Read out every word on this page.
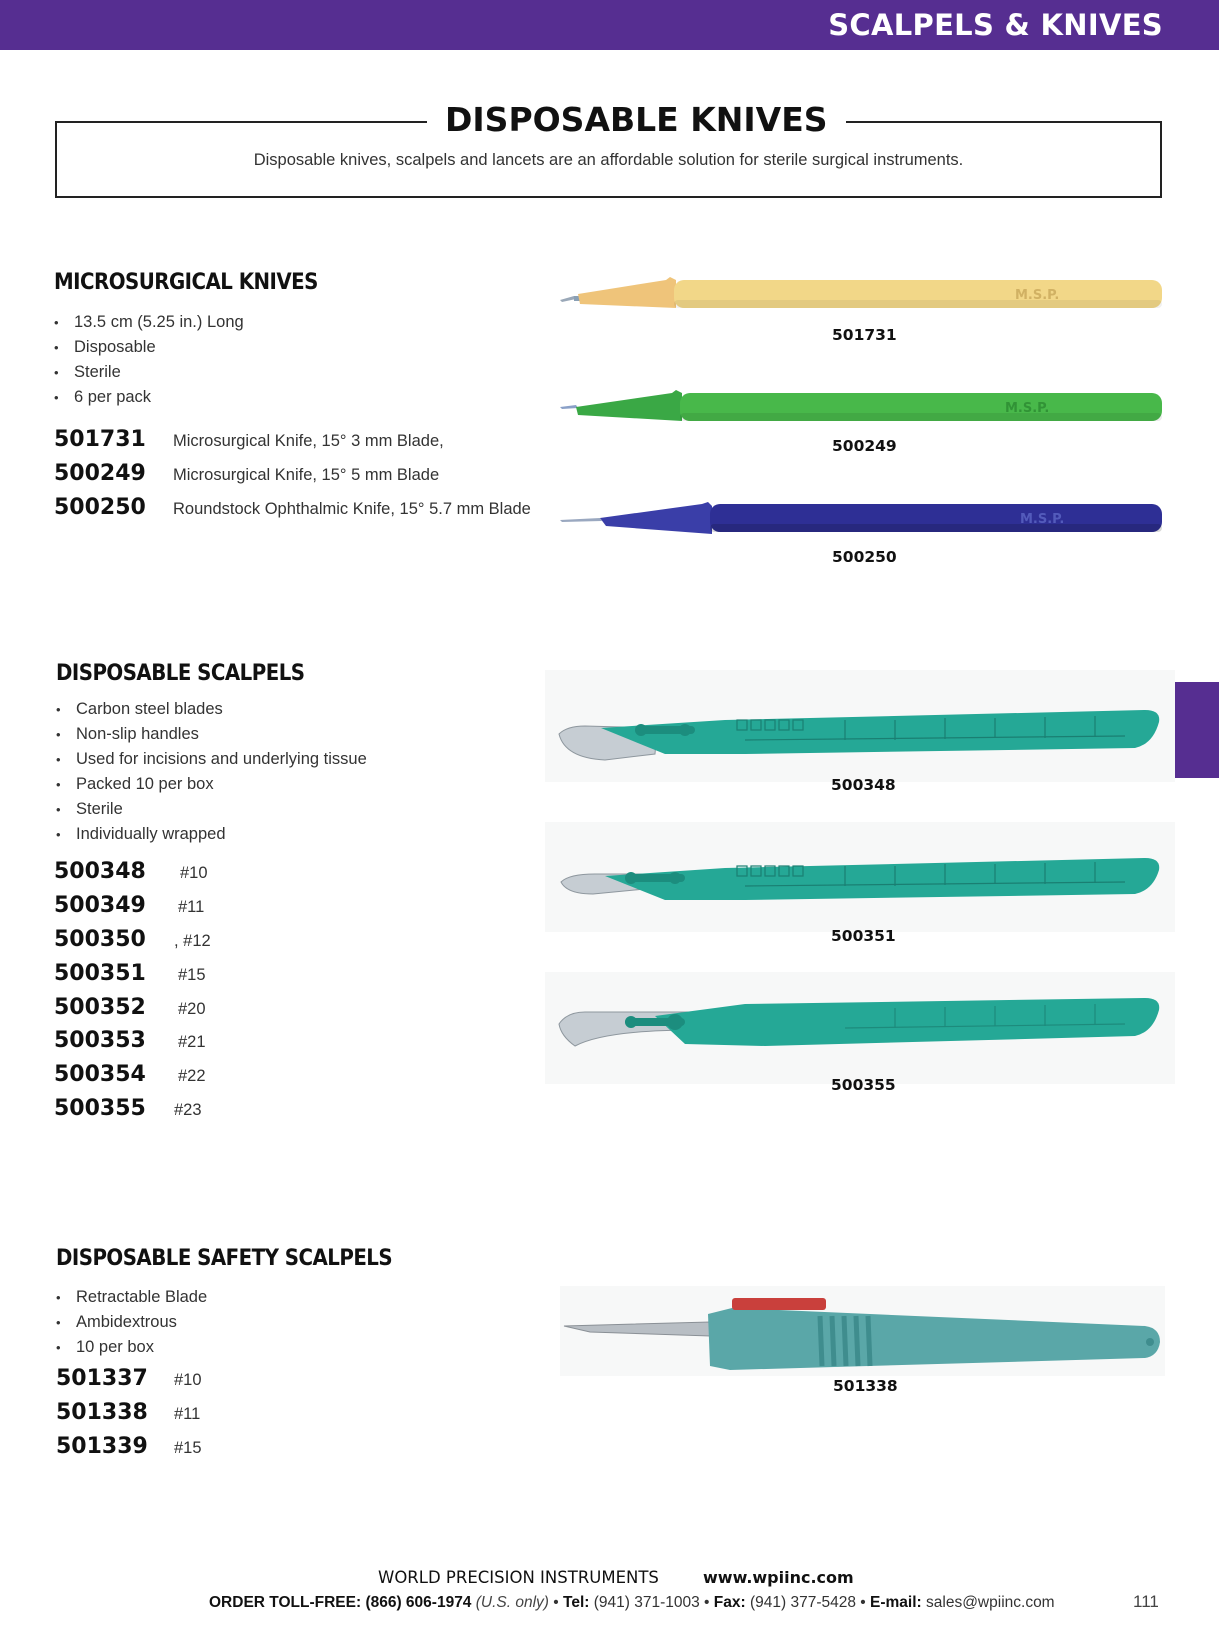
SCALPELS & KNIVES
DISPOSABLE KNIVES
Disposable knives, scalpels and lancets are an affordable solution for sterile surgical instruments.
MICROSURGICAL KNIVES
• 13.5 cm (5.25 in.) Long
• Disposable
• Sterile
• 6 per pack
501731 Microsurgical Knife, 15° 3 mm Blade,
500249 Microsurgical Knife, 15° 5 mm Blade
500250 Roundstock Ophthalmic Knife, 15° 5.7 mm Blade
M.S.P.
501731
M.S.P.
500249
M.S.P.
500250
DISPOSABLE SCALPELS
• Carbon steel blades
• Non-slip handles
• Used for incisions and underlying tissue
• Packed 10 per box
• Sterile
• Individually wrapped
500348 #10
500349 #11
500350 , #12
500351 #15
500352 #20
500353 #21
500354 #22
500355 #23
500348
500351
500355
DISPOSABLE SAFETY SCALPELS
• Retractable Blade
• Ambidextrous
• 10 per box
501337 #10
501338 #11
501339 #15
501338
WORLD PRECISION INSTRUMENTS	www.wpiinc.com
ORDER TOLL-FREE: (866) 606-1974 (U.S. only) • Tel: (941) 371-1003 • Fax: (941) 377-5428 • E-mail: sales@wpiinc.com	111
